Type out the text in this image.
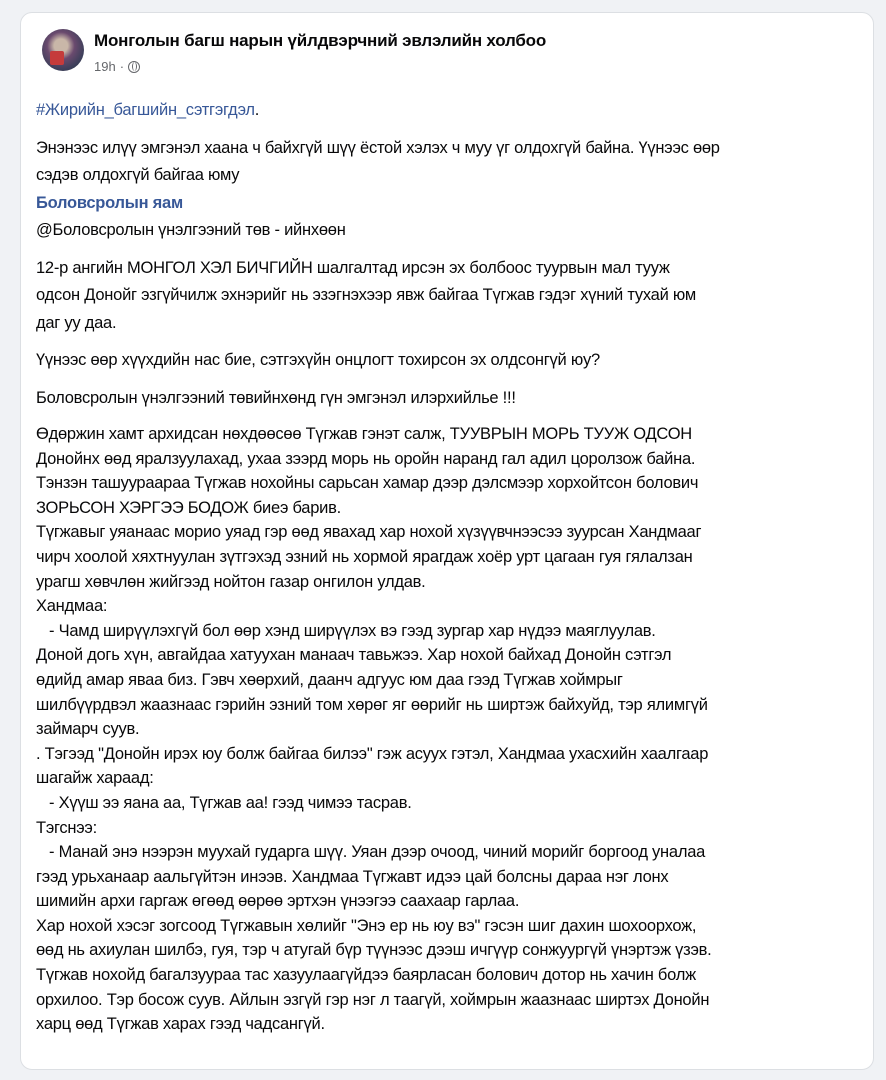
Монголын багш нарын үйлдвэрчний эвлэлийн холбоо
19h ·
#Жирийн_багшийн_сэтгэгдэл.
Энэнээс илүү эмгэнэл хаана ч байхгүй шүү ёстой хэлэх ч муу үг олдохгүй байна. Үүнээс өөр
сэдэв олдохгүй байгаа юму
Боловсролын яам
@Боловсролын үнэлгээний төв - ийнхөөн
12-р ангийн МОНГОЛ ХЭЛ БИЧГИЙН шалгалтад ирсэн эх болбоос туурвын мал тууж
одсон Донойг эзгүйчилж эхнэрийг нь эзэгнэхээр явж байгаа Түгжав гэдэг хүний тухай юм
даг уу даа.
Үүнээс өөр хүүхдийн нас бие, сэтгэхүйн онцлогт тохирсон эх олдсонгүй юу?
Боловсролын үнэлгээний төвийнхөнд гүн эмгэнэл илэрхийлье !!!
Өдөржин хамт архидсан нөхдөөсөө Түгжав гэнэт салж, ТУУВРЫН МОРЬ ТУУЖ ОДСОН
Донойнх өөд яралзуулахад, ухаа зээрд морь нь оройн наранд гал адил цоролзож байна.
Тэнзэн ташуураараа Түгжав нохойны сарьсан хамар дээр дэлсмээр хорхойтсон болович
ЗОРЬСОН ХЭРГЭЭ БОДОЖ биеэ барив.
Түгжавыг уяанаас морио уяад гэр өөд явахад хар нохой хүзүүвчнээсээ зуурсан Хандмааг
чирч хоолой хяхтнуулан зүтгэхэд эзний нь хормой ярагдаж хоёр урт цагаан гуя гялалзан
урагш хөвчлөн жийгээд нойтон газар онгилон улдав.
Хандмаа:
- Чамд ширүүлэхгүй бол өөр хэнд ширүүлэх вэ гээд зургар хар нүдээ маяглуулав.
Доной догь хүн, авгайдаа хатуухан манаач тавьжээ. Хар нохой байхад Донойн сэтгэл
өдийд амар яваа биз. Гэвч хөөрхий, даанч адгуус юм даа гээд Түгжав хоймрыг
шилбүүрдвэл жаазнаас гэрийн эзний том хөрөг яг өөрийг нь ширтэж байхуйд, тэр ялимгүй
займарч суув.
. Тэгээд "Донойн ирэх юу болж байгаа билээ" гэж асуух гэтэл, Хандмаа ухасхийн хаалгаар
шагайж хараад:
- Хүүш ээ яана аа, Түгжав аа! гээд чимээ тасрав.
Тэгснээ:
- Манай энэ нээрэн муухай гударга шүү. Уяан дээр очоод, чиний морийг боргоод уналаа
гээд урьханаар аальгүйтэн инээв. Хандмаа Түгжавт идээ цай болсны дараа нэг лонх
шимийн архи гаргаж өгөөд өөрөө эртхэн үнээгээ саахаар гарлаа.
Хар нохой хэсэг зогсоод Түгжавын хөлийг "Энэ ер нь юу вэ" гэсэн шиг дахин шохоорхож,
өөд нь ахиулан шилбэ, гуя, тэр ч атугай бүр түүнээс дээш ичгүүр сонжуургүй үнэртэж үзэв.
Түгжав нохойд багалзуураа тас хазуулаагүйдээ баярласан болович дотор нь хачин болж
орхилоо. Тэр босож суув. Айлын эзгүй гэр нэг л таагүй, хоймрын жаазнаас ширтэх Донойн
харц өөд Түгжав харах гээд чадсангүй.
